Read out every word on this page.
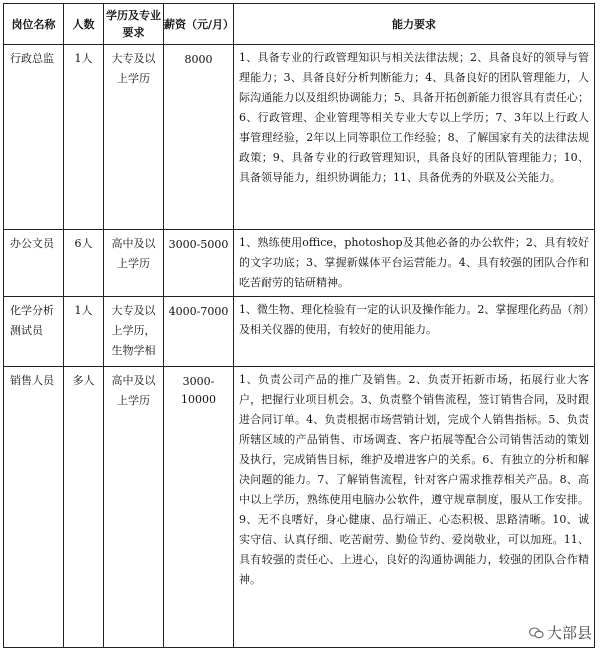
岗位名称	人数	学历及专业要求	薪资（元/月）	能力要求
行政总监	1人	大专及以上学历	8000	1、具备专业的行政管理知识与相关法律法规；2、具备良好的领导与管理能力；3、具备良好分析判断能力；4、具备良好的团队管理能力，人际沟通能力以及组织协调能力；5、具备开拓创新能力很容具有责任心；6、行政管理、企业管理等相关专业大专以上学历；7、3年以上行政人事管理经验，2年以上同等职位工作经验；8、了解国家有关的法律法规政策；9、具备专业的行政管理知识，具备良好的团队管理能力；10、具备领导能力，组织协调能力；11、具备优秀的外联及公关能力。
办公文员	6人	高中及以上学历	3000-5000	1、熟练使用office，photoshop及其他必备的办公软件；2、具有较好的文字功底；3、掌握新媒体平台运营能力。4、具有较强的团队合作和吃苦耐劳的钻研精神。
化学分析测试员	1人	大专及以上学历，生物学相	4000-7000	1、微生物、理化检验有一定的认识及操作能力。2、掌握理化药品（剂）及相关仪器的使用，有较好的使用能力。
销售人员	多人	高中及以上学历	3000-10000	1、负责公司产品的推广及销售。2、负责开拓新市场，拓展行业大客户，把握行业项目机会。3、负责整个销售流程，签订销售合同，及时跟进合同订单。4、负责根据市场营销计划，完成个人销售指标。5、负责所辖区域的产品销售、市场调查、客户拓展等配合公司销售活动的策划及执行，完成销售目标，维护及增进客户的关系。6、有独立的分析和解决问题的能力。7、了解销售流程，针对客户需求推荐相关产品。8、高中以上学历，熟练使用电脑办公软件，遵守规章制度，服从工作安排。9、无不良嗜好，身心健康、品行端正、心态积极、思路清晰。10、诚实守信、认真仔细、吃苦耐劳、勤俭节约、爱岗敬业，可以加班。11、具有较强的责任心、上进心，良好的沟通协调能力，较强的团队合作精神。
大部县
